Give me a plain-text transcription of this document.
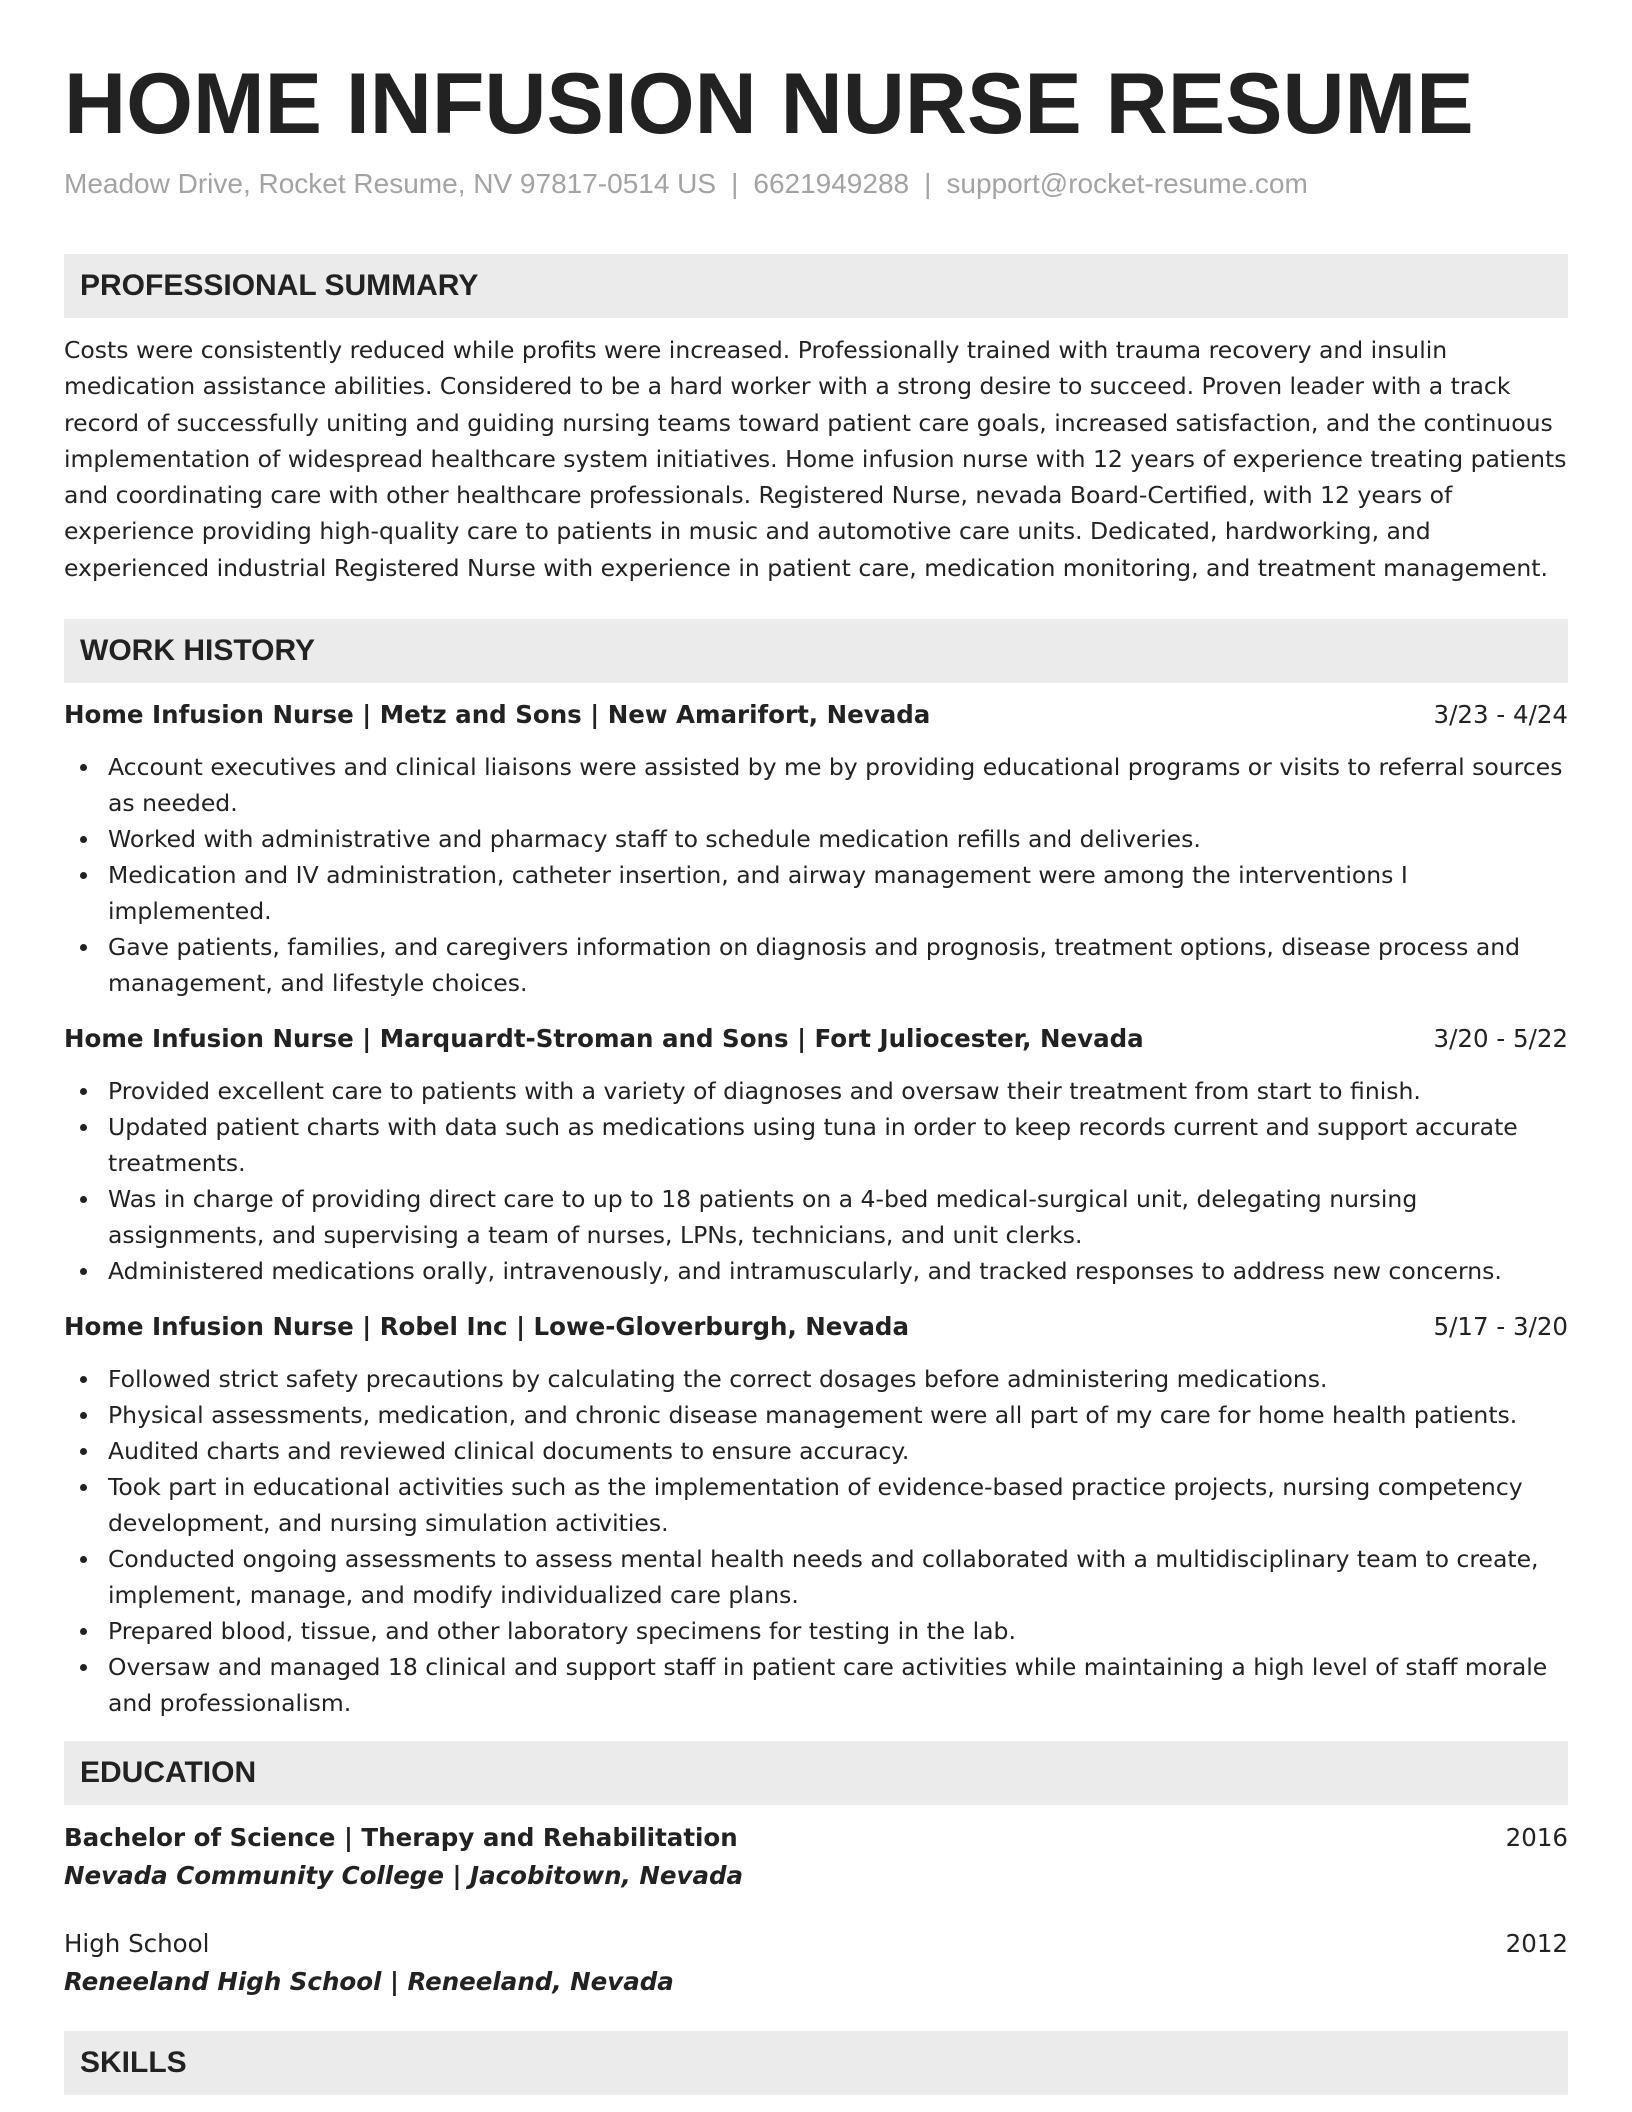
HOME INFUSION NURSE RESUME
Meadow Drive, Rocket Resume, NV 97817-0514 US | 6621949288 | support@rocket-resume.com
PROFESSIONAL SUMMARY

Costs were consistently reduced while profits were increased. Professionally trained with trauma recovery and insulin medication assistance abilities. Considered to be a hard worker with a strong desire to succeed. Proven leader with a track record of successfully uniting and guiding nursing teams toward patient care goals, increased satisfaction, and the continuous implementation of widespread healthcare system initiatives. Home infusion nurse with 12 years of experience treating patients and coordinating care with other healthcare professionals. Registered Nurse, nevada Board-Certified, with 12 years of experience providing high-quality care to patients in music and automotive care units. Dedicated, hardworking, and experienced industrial Registered Nurse with experience in patient care, medication monitoring, and treatment management.

WORK HISTORY
Home Infusion Nurse | Metz and Sons | New Amarifort, Nevada	3/23 - 4/24
Account executives and clinical liaisons were assisted by me by providing educational programs or visits to referral sources as needed.
Worked with administrative and pharmacy staff to schedule medication refills and deliveries.
Medication and IV administration, catheter insertion, and airway management were among the interventions I implemented.
Gave patients, families, and caregivers information on diagnosis and prognosis, treatment options, disease process and management, and lifestyle choices.
Home Infusion Nurse | Marquardt-Stroman and Sons | Fort Juliocester, Nevada	3/20 - 5/22
Provided excellent care to patients with a variety of diagnoses and oversaw their treatment from start to finish.
Updated patient charts with data such as medications using tuna in order to keep records current and support accurate treatments.
Was in charge of providing direct care to up to 18 patients on a 4-bed medical-surgical unit, delegating nursing assignments, and supervising a team of nurses, LPNs, technicians, and unit clerks.
Administered medications orally, intravenously, and intramuscularly, and tracked responses to address new concerns.
Home Infusion Nurse | Robel Inc | Lowe-Gloverburgh, Nevada	5/17 - 3/20
Followed strict safety precautions by calculating the correct dosages before administering medications.
Physical assessments, medication, and chronic disease management were all part of my care for home health patients.
Audited charts and reviewed clinical documents to ensure accuracy.
Took part in educational activities such as the implementation of evidence-based practice projects, nursing competency development, and nursing simulation activities.
Conducted ongoing assessments to assess mental health needs and collaborated with a multidisciplinary team to create, implement, manage, and modify individualized care plans.
Prepared blood, tissue, and other laboratory specimens for testing in the lab.
Oversaw and managed 18 clinical and support staff in patient care activities while maintaining a high level of staff morale and professionalism.
EDUCATION
Bachelor of Science | Therapy and Rehabilitation	2016
Nevada Community College | Jacobitown, Nevada
High School	2012
Reneeland High School | Reneeland, Nevada
SKILLS
